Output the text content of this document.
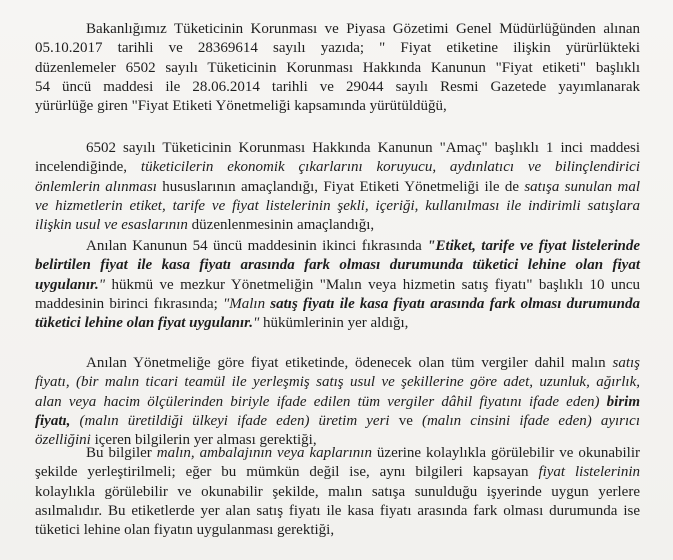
Bakanlığımız Tüketicinin Korunması ve Piyasa Gözetimi Genel Müdürlüğünden alınan
05.10.2017 tarihli ve 28369614 sayılı yazıda; " Fiyat etiketine ilişkin yürürlükteki
düzenlemeler 6502 sayılı Tüketicinin Korunması Hakkında Kanunun "Fiyat etiketi" başlıklı
54 üncü maddesi ile 28.06.2014 tarihli ve 29044 sayılı Resmi Gazetede yayımlanarak
yürürlüğe giren "Fiyat Etiketi Yönetmeliği kapsamında yürütüldüğü,

6502 sayılı Tüketicinin Korunması Hakkında Kanunun "Amaç" başlıklı 1 inci maddesi
incelendiğinde, tüketicilerin ekonomik çıkarlarını koruyucu, aydınlatıcı ve bilinçlendirici
önlemlerin alınması hususlarının amaçlandığı, Fiyat Etiketi Yönetmeliği ile de satışa sunulan mal
ve hizmetlerin etiket, tarife ve fiyat listelerinin şekli, içeriği, kullanılması ile indirimli satışlara
ilişkin usul ve esaslarının düzenlenmesinin amaçlandığı,

Anılan Kanunun 54 üncü maddesinin ikinci fıkrasında "Etiket, tarife ve fiyat listelerinde
belirtilen fiyat ile kasa fiyatı arasında fark olması durumunda tüketici lehine olan fiyat
uygulanır." hükmü ve mezkur Yönetmeliğin "Malın veya hizmetin satış fiyatı" başlıklı 10 uncu
maddesinin birinci fıkrasında; "Malın satış fiyatı ile kasa fiyatı arasında fark olması durumunda
tüketici lehine olan fiyat uygulanır." hükümlerinin yer aldığı,

Anılan Yönetmeliğe göre fiyat etiketinde, ödenecek olan tüm vergiler dahil malın satış
fiyatı, (bir malın ticari teamül ile yerleşmiş satış usul ve şekillerine göre adet, uzunluk, ağırlık,
alan veya hacim ölçülerinden biriyle ifade edilen tüm vergiler dâhil fiyatını ifade eden) birim
fiyatı, (malın üretildiği ülkeyi ifade eden) üretim yeri ve (malın cinsini ifade eden) ayırıcı
özelliğini içeren bilgilerin yer alması gerektiği,

Bu bilgiler malın, ambalajının veya kaplarının üzerine kolaylıkla görülebilir ve okunabilir
şekilde yerleştirilmeli; eğer bu mümkün değil ise, aynı bilgileri kapsayan fiyat listelerinin
kolaylıkla görülebilir ve okunabilir şekilde, malın satışa sunulduğu işyerinde uygun yerlere
asılmalıdır. Bu etiketlerde yer alan satış fiyatı ile kasa fiyatı arasında fark olması durumunda ise
tüketici lehine olan fiyatın uygulanması gerektiği,
